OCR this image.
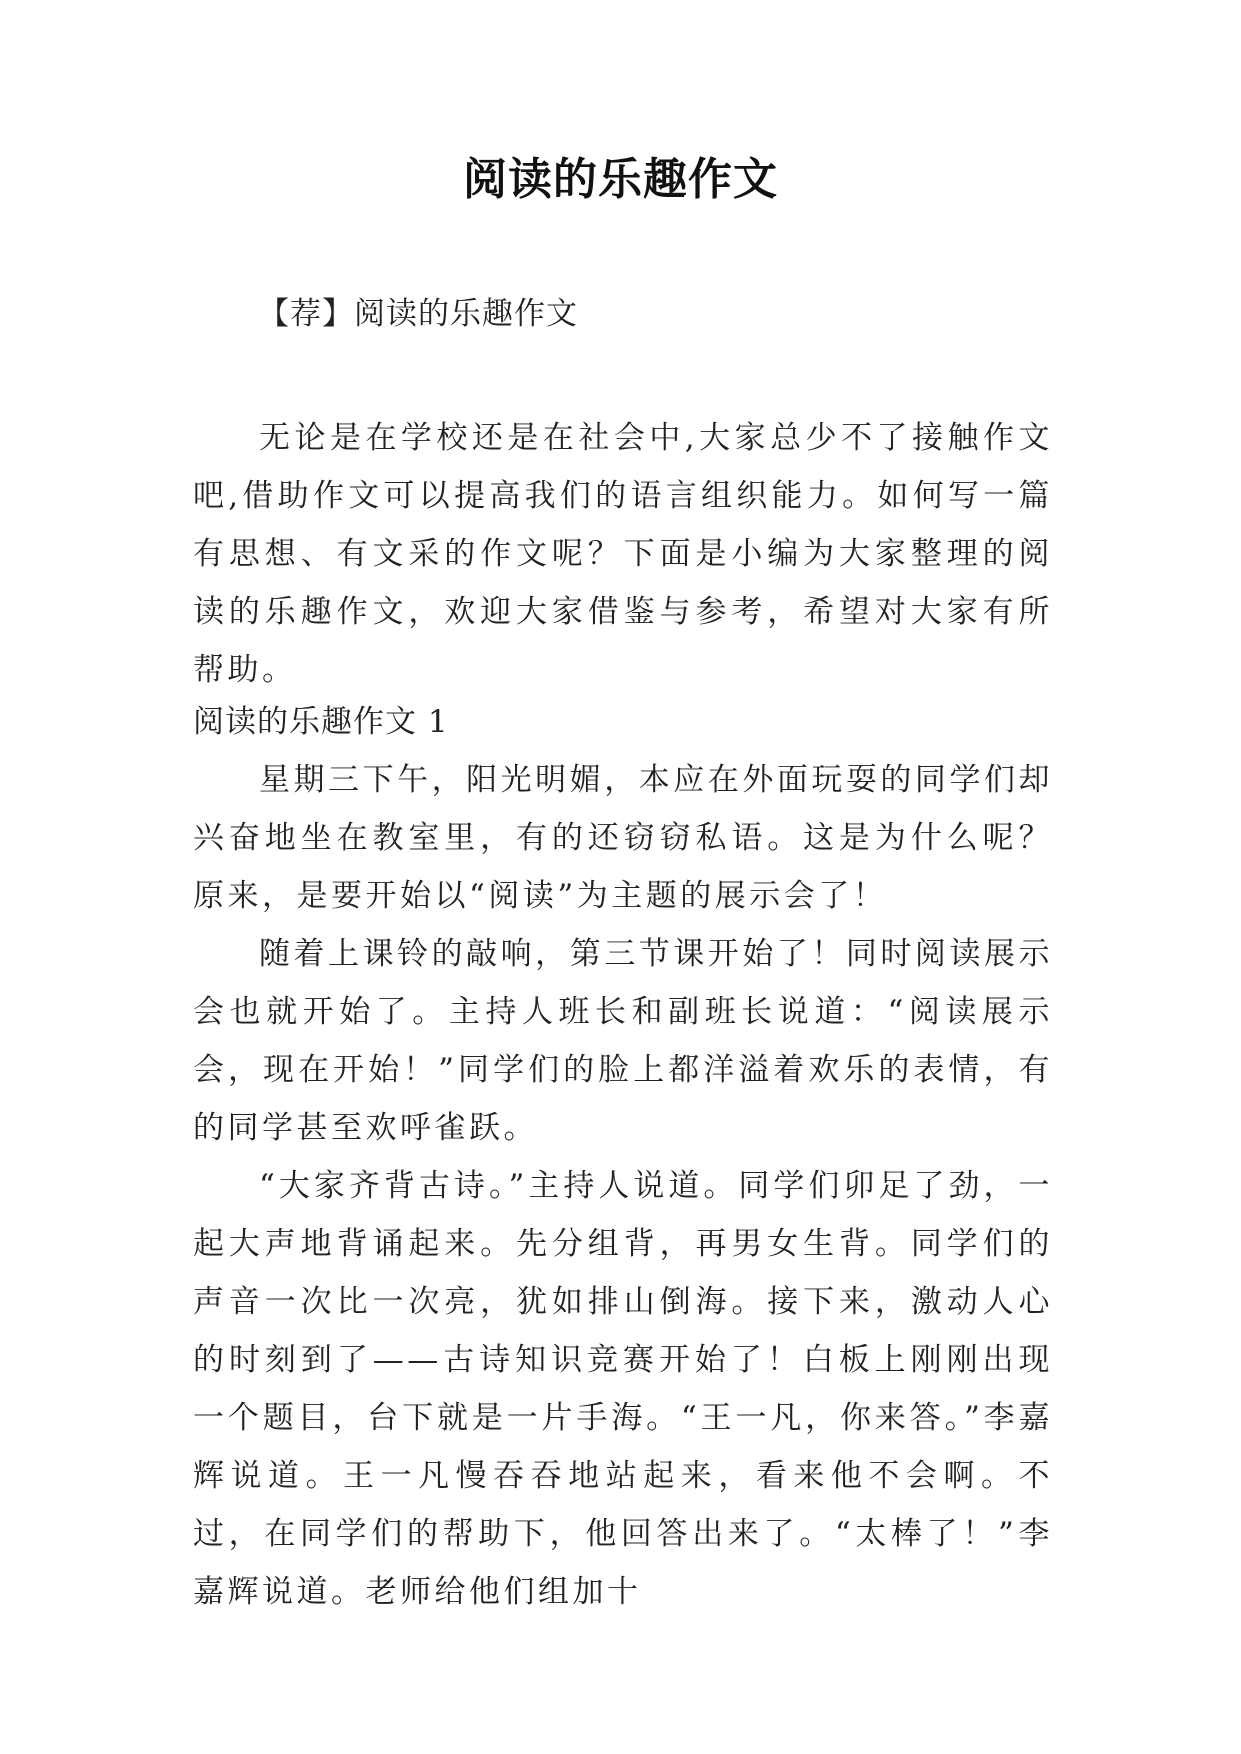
阅读的乐趣作文
【荐】阅读的乐趣作文

无论是在学校还是在社会中,大家总少不了接触作文吧,借助作文可以提高我们的语言组织能力。如何写一篇有思想、有文采的作文呢？下面是小编为大家整理的阅读的乐趣作文，欢迎大家借鉴与参考，希望对大家有所帮助。

阅读的乐趣作文 1

星期三下午，阳光明媚，本应在外面玩耍的同学们却兴奋地坐在教室里，有的还窃窃私语。这是为什么呢？原来，是要开始以“阅读”为主题的展示会了！

随着上课铃的敲响，第三节课开始了！同时阅读展示会也就开始了。主持人班长和副班长说道：“阅读展示会，现在开始！”同学们的脸上都洋溢着欢乐的表情，有的同学甚至欢呼雀跃。

“大家齐背古诗。”主持人说道。同学们卯足了劲，一起大声地背诵起来。先分组背，再男女生背。同学们的声音一次比一次亮，犹如排山倒海。接下来，激动人心的时刻到了——古诗知识竞赛开始了！白板上刚刚出现一个题目，台下就是一片手海。“王一凡，你来答。”李嘉辉说道。王一凡慢吞吞地站起来，看来他不会啊。不过，在同学们的帮助下，他回答出来了。“太棒了！”李嘉辉说道。老师给他们组加十
